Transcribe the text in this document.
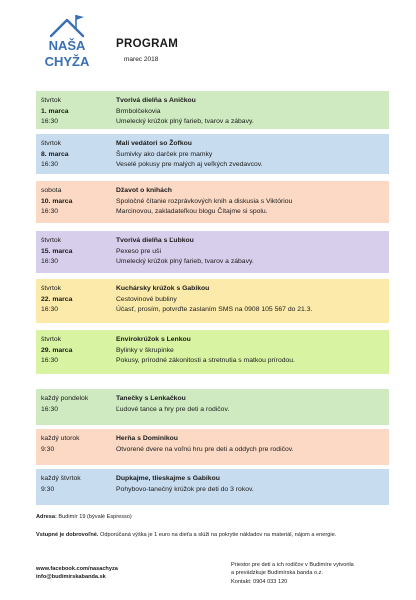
NAŠA
CHYŽA
PROGRAM
marec 2018
štvrtok
1. marca
16:30
Tvorivá dielňa s Aničkou
Brmbolčekovia
Umelecký krúžok plný farieb, tvarov a zábavy.
štvrtok
8. marca
16:30
Malí vedátori so Žofkou
Šumivky ako darček pre mamky
Veselé pokusy pre malých aj veľkých zvedavcov.
sobota
10. marca
16:30
Džavot o knihách
Spoločné čítanie rozprávkových kníh a diskusia s Viktóriou
Marcinovou, zakladateľkou blogu Čítajme si spolu.
štvrtok
15. marca
16:30
Tvorivá dielňa s Ľubkou
Pexeso pre uši
Umelecký krúžok plný farieb, tvarov a zábavy.
štvrtok
22. marca
16:30
Kuchársky krúžok s Gabikou
Cestovinové bubliny
Účasť, prosím, potvrďte zaslaním SMS na 0908 105 567 do 21.3.
štvrtok
29. marca
16:30
Envirokrúžok s Lenkou
Bylinky v škrupinke
Pokusy, prírodné zákonitosti a stretnutia s matkou prírodou.
každý pondelok
16:30
Tanečky s Lenkačkou
Ľudové tance a hry pre deti a rodičov.
každý utorok
9:30
Herňa s Dominikou
Otvorené dvere na voľnú hru pre deti a oddych pre rodičov.
každý štvrtok
9:30
Dupkajme, tlieskajme s Gabikou
Pohybovo-tanečný krúžok pre deti do 3 rokov.
Adresa: Budimír 19 (bývalé Espresso)
Vstupné je dobrovoľné. Odporúčaná výška je 1 euro na dieťa a slúži na pokrytie nákladov na materiál, nájom a energie.
www.facebook.com/nasachyza
info@budimirskabanda.sk
Priestor pre deti a ich rodičov v Budimíre vytvorila
a prevádzkuje Budimírska banda o.z.
Kontakt: 0904 033 120
